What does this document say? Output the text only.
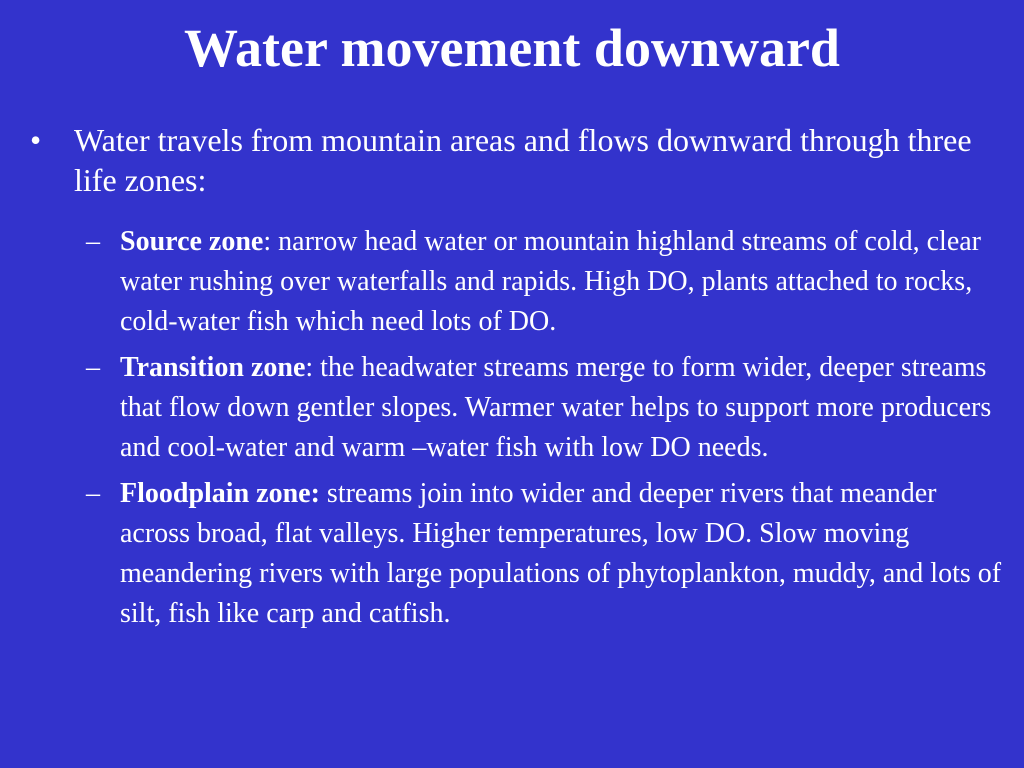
Water movement downward
•	Water travels from mountain areas and flows downward through three life zones:
– Source zone: narrow head water or mountain highland streams of cold, clear water rushing over waterfalls and rapids. High DO, plants attached to rocks, cold-water fish which need lots of DO.
– Transition zone: the headwater streams merge to form wider, deeper streams that flow down gentler slopes. Warmer water helps to support more producers and cool-water and warm –water fish with low DO needs.
– Floodplain zone: streams join into wider and deeper rivers that meander across broad, flat valleys. Higher temperatures, low DO. Slow moving meandering rivers with large populations of phytoplankton, muddy, and lots of silt, fish like carp and catfish.
